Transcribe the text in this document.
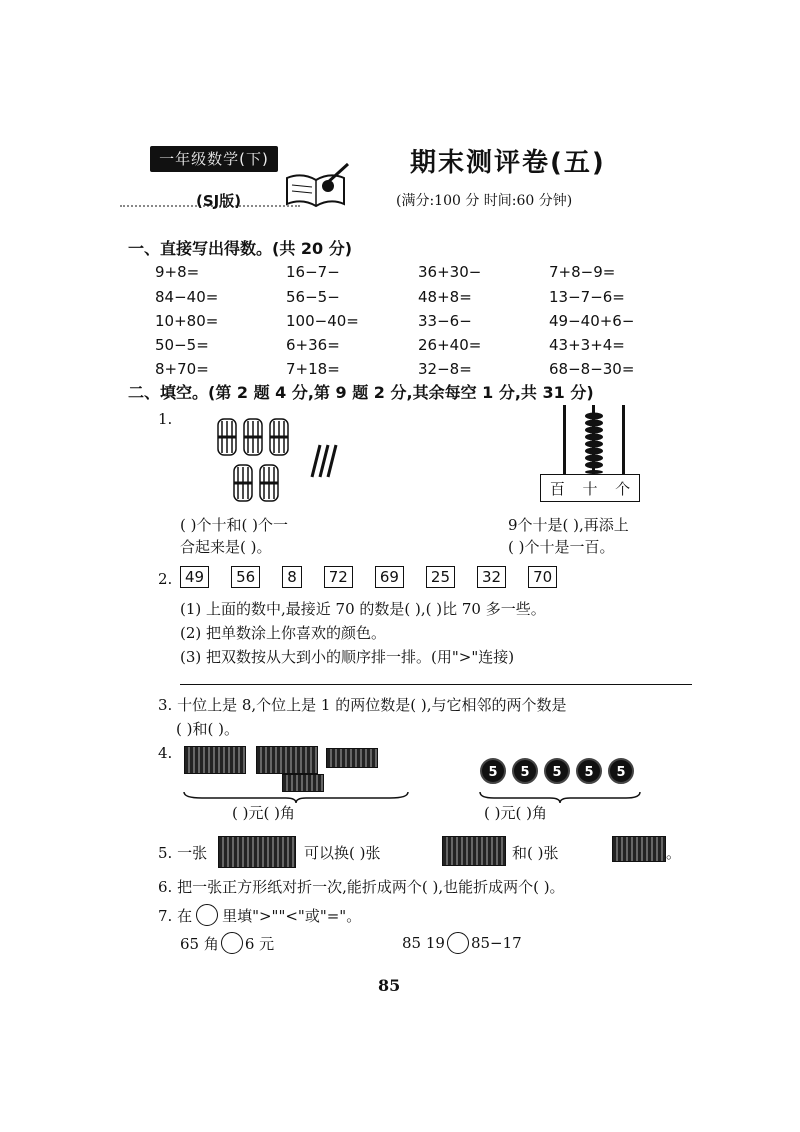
一年级数学(下)
(SJ版)
期末测评卷(五)
(满分:100 分 时间:60 分钟)
一、直接写出得数。(共 20 分)
9+8=	16−7−	36+30−	7+8−9=
84−40=	56−5−	48+8=	13−7−6=
10+80=	100−40=	33−6−	49−40+6−
50−5=	6+36=	26+40=	43+3+4=
8+70=	7+18=	32−8=	68−8−30=
二、填空。(第 2 题 4 分,第 9 题 2 分,其余每空 1 分,共 31 分)
1.
百 十 个
( )个十和( )个一
合起来是( )。
9个十是( ),再添上
( )个十是一百。
2. 49	56	8	72	69	25	32	70
(1) 上面的数中,最接近 70 的数是( ),( )比 70 多一些。
(2) 把单数涂上你喜欢的颜色。
(3) 把双数按从大到小的顺序排一排。(用">"连接)
3. 十位上是 8,个位上是 1 的两位数是( ),与它相邻的两个数是
( )和( )。
4.
( )元( )角
5	5	5	5	5
( )元( )角
5. 一张	可以换( )张	和( )张	。
6. 把一张正方形纸对折一次,能折成两个( ),也能折成两个( )。
7. 在 里填">""<"或"="。
65 角 6 元	85 19 85−17
85
